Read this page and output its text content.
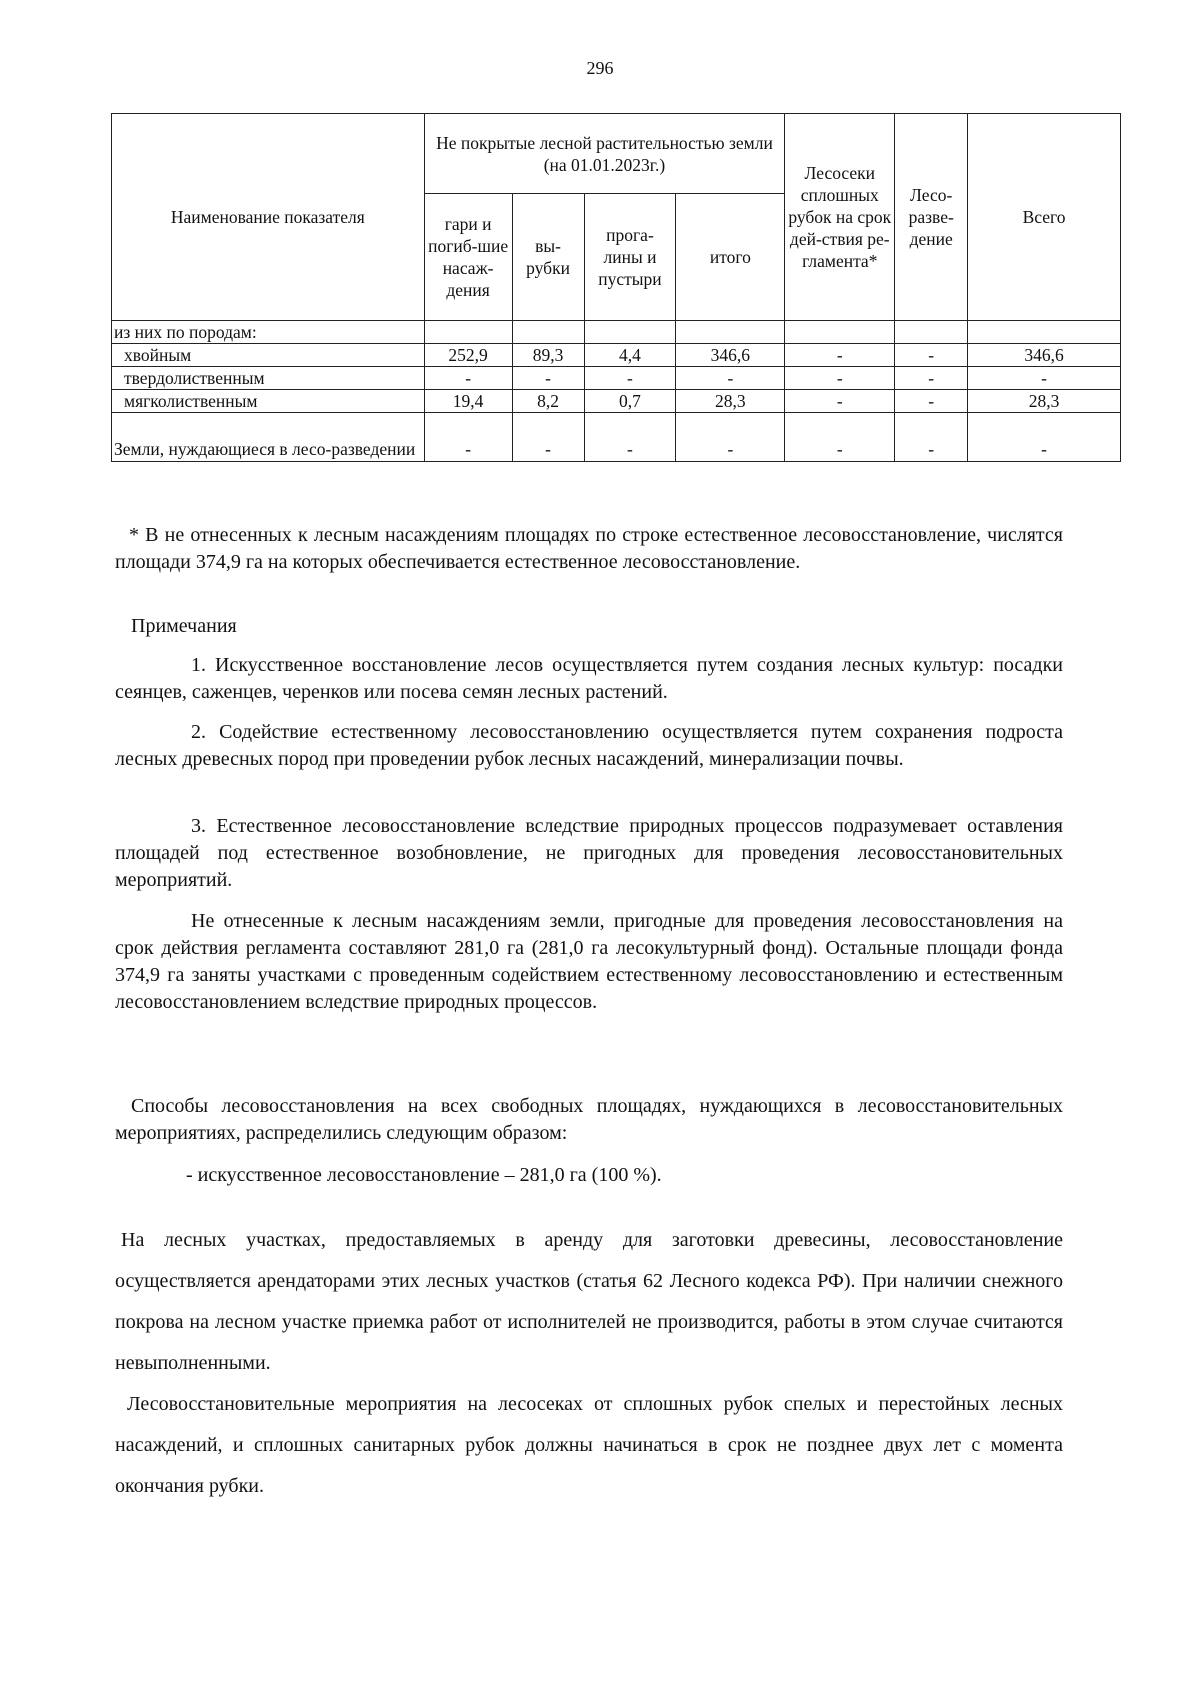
296
Наименование показателя	Не покрытые лесной растительностью земли (на 01.01.2023г.)				Лесосеки сплошных рубок на срок дей-ствия ре-гламента*	Лесо-разве-дение	Всего
	гари и погиб-шие насаж-дения	вы-рубки	прога-лины и пустыри	итого			
из них по породам:							
хвойным	252,9	89,3	4,4	346,6	-	-	346,6
твердолиственным	-	-	-	-	-	-	-
мягколиственным	19,4	8,2	0,7	28,3	-	-	28,3
Земли, нуждающиеся в лесо-разведении	-	-	-	-	-	-	-
* В не отнесенных к лесным насаждениям площадях по строке естественное лесовосстановление, числятся площади 374,9 га на которых обеспечивается естественное лесовосстановление.
Примечания
1. Искусственное восстановление лесов осуществляется путем создания лесных культур: посадки сеянцев, саженцев, черенков или посева семян лесных растений.
2. Содействие естественному лесовосстановлению осуществляется путем сохранения подроста лесных древесных пород при проведении рубок лесных насаждений, минерализации почвы.
3. Естественное лесовосстановление вследствие природных процессов подразумевает оставления площадей под естественное возобновление, не пригодных для проведения лесовосстановительных мероприятий.
Не отнесенные к лесным насаждениям земли, пригодные для проведения лесовосстановления на срок действия регламента составляют 281,0 га (281,0 га лесокультурный фонд). Остальные площади фонда 374,9 га заняты участками с проведенным содействием естественному лесовосстановлению и естественным лесовосстановлением вследствие природных процессов.
Способы лесовосстановления на всех свободных площадях, нуждающихся в лесовосстановительных мероприятиях, распределились следующим образом:
- искусственное лесовосстановление – 281,0 га (100 %).
На лесных участках, предоставляемых в аренду для заготовки древесины, лесовосстановление осуществляется арендаторами этих лесных участков (статья 62 Лесного кодекса РФ). При наличии снежного покрова на лесном участке приемка работ от исполнителей не производится, работы в этом случае считаются невыполненными.
Лесовосстановительные мероприятия на лесосеках от сплошных рубок спелых и перестойных лесных насаждений, и сплошных санитарных рубок должны начинаться в срок не позднее двух лет с момента окончания рубки.
